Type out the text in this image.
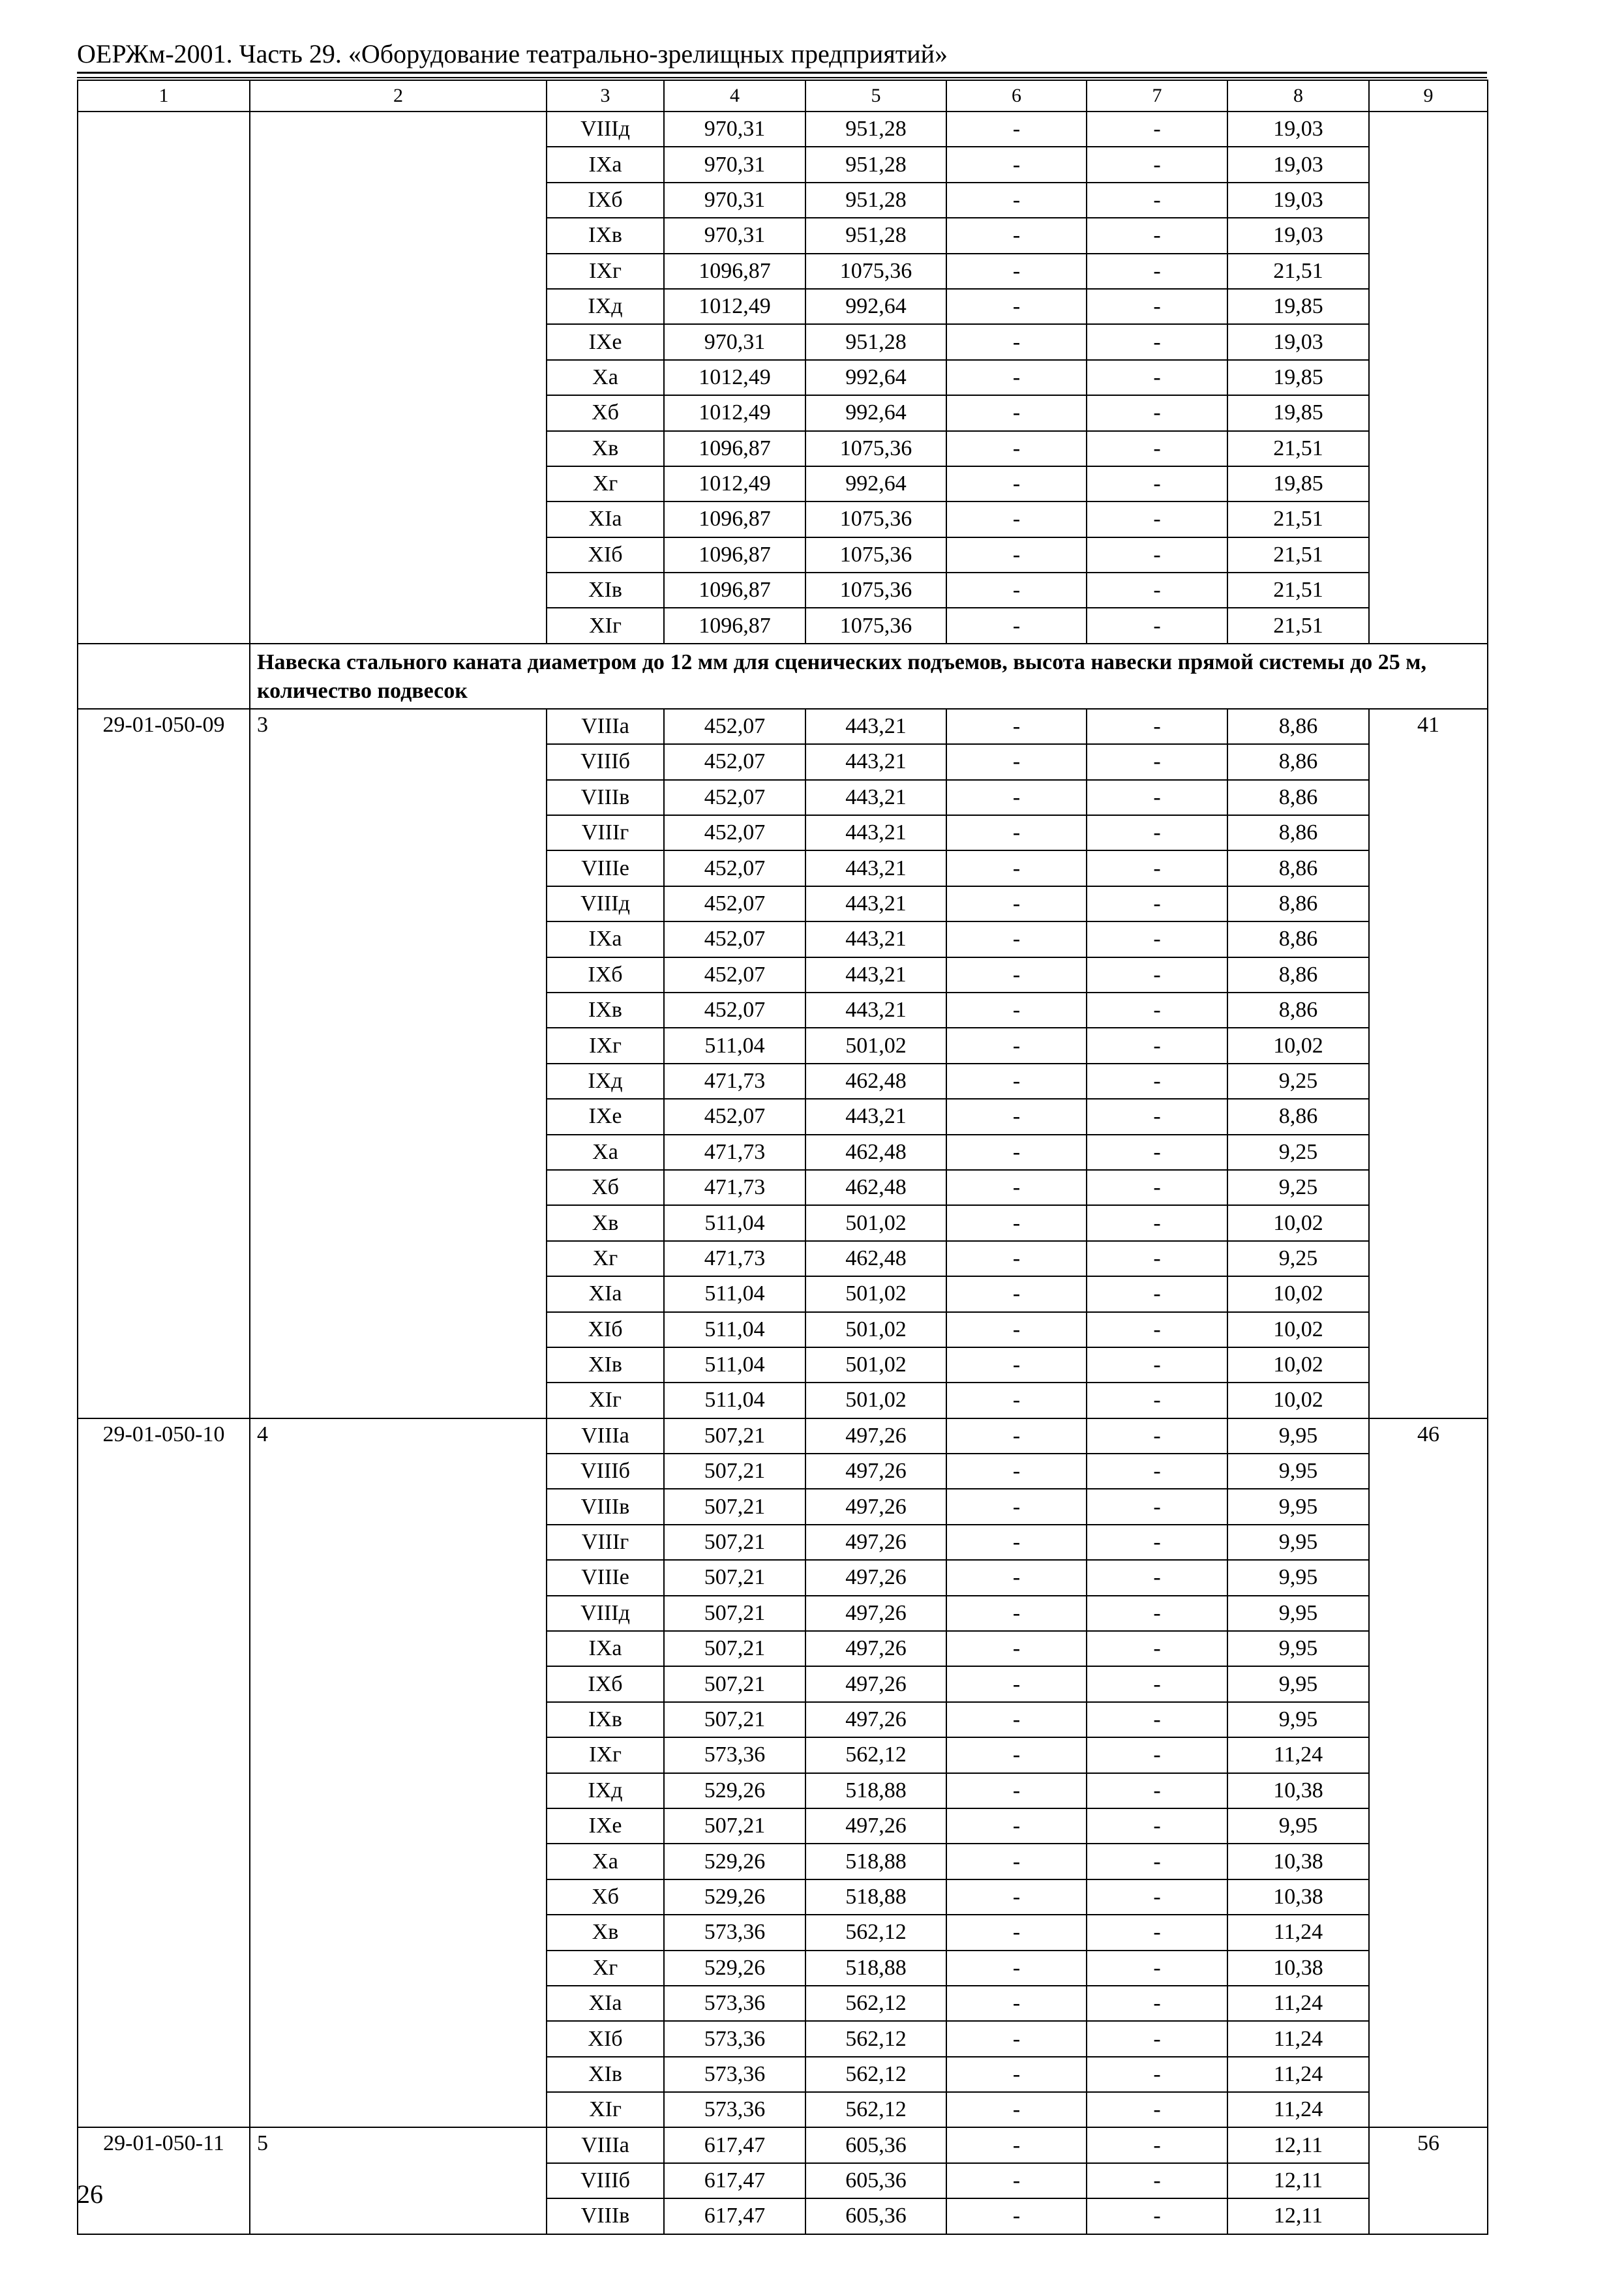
ОЕРЖм-2001. Часть 29. «Оборудование театрально-зрелищных предприятий»
1	2	3	4	5	6	7	8	9
		VIIIд	970,31	951,28	-	-	19,03	
		IXа	970,31	951,28	-	-	19,03	
		IXб	970,31	951,28	-	-	19,03	
		IXв	970,31	951,28	-	-	19,03	
		IXг	1096,87	1075,36	-	-	21,51	
		IXд	1012,49	992,64	-	-	19,85	
		IXе	970,31	951,28	-	-	19,03	
		Xа	1012,49	992,64	-	-	19,85	
		Xб	1012,49	992,64	-	-	19,85	
		Xв	1096,87	1075,36	-	-	21,51	
		Xг	1012,49	992,64	-	-	19,85	
		XIа	1096,87	1075,36	-	-	21,51	
		XIб	1096,87	1075,36	-	-	21,51	
		XIв	1096,87	1075,36	-	-	21,51	
		XIг	1096,87	1075,36	-	-	21,51	
	Навеска стального каната диаметром до 12 мм для сценических подъемов, высота навески прямой системы до 25 м, количество подвесок							
29-01-050-09	3	VIIIа	452,07	443,21	-	-	8,86	41
		VIIIб	452,07	443,21	-	-	8,86	
		VIIIв	452,07	443,21	-	-	8,86	
		VIIIг	452,07	443,21	-	-	8,86	
		VIIIе	452,07	443,21	-	-	8,86	
		VIIIд	452,07	443,21	-	-	8,86	
		IXа	452,07	443,21	-	-	8,86	
		IXб	452,07	443,21	-	-	8,86	
		IXв	452,07	443,21	-	-	8,86	
		IXг	511,04	501,02	-	-	10,02	
		IXд	471,73	462,48	-	-	9,25	
		IXе	452,07	443,21	-	-	8,86	
		Xа	471,73	462,48	-	-	9,25	
		Xб	471,73	462,48	-	-	9,25	
		Xв	511,04	501,02	-	-	10,02	
		Xг	471,73	462,48	-	-	9,25	
		XIа	511,04	501,02	-	-	10,02	
		XIб	511,04	501,02	-	-	10,02	
		XIв	511,04	501,02	-	-	10,02	
		XIг	511,04	501,02	-	-	10,02	
29-01-050-10	4	VIIIа	507,21	497,26	-	-	9,95	46
		VIIIб	507,21	497,26	-	-	9,95	
		VIIIв	507,21	497,26	-	-	9,95	
		VIIIг	507,21	497,26	-	-	9,95	
		VIIIе	507,21	497,26	-	-	9,95	
		VIIIд	507,21	497,26	-	-	9,95	
		IXа	507,21	497,26	-	-	9,95	
		IXб	507,21	497,26	-	-	9,95	
		IXв	507,21	497,26	-	-	9,95	
		IXг	573,36	562,12	-	-	11,24	
		IXд	529,26	518,88	-	-	10,38	
		IXе	507,21	497,26	-	-	9,95	
		Xа	529,26	518,88	-	-	10,38	
		Xб	529,26	518,88	-	-	10,38	
		Xв	573,36	562,12	-	-	11,24	
		Xг	529,26	518,88	-	-	10,38	
		XIа	573,36	562,12	-	-	11,24	
		XIб	573,36	562,12	-	-	11,24	
		XIв	573,36	562,12	-	-	11,24	
		XIг	573,36	562,12	-	-	11,24	
29-01-050-11	5	VIIIа	617,47	605,36	-	-	12,11	56
		VIIIб	617,47	605,36	-	-	12,11	
		VIIIв	617,47	605,36	-	-	12,11	
26
